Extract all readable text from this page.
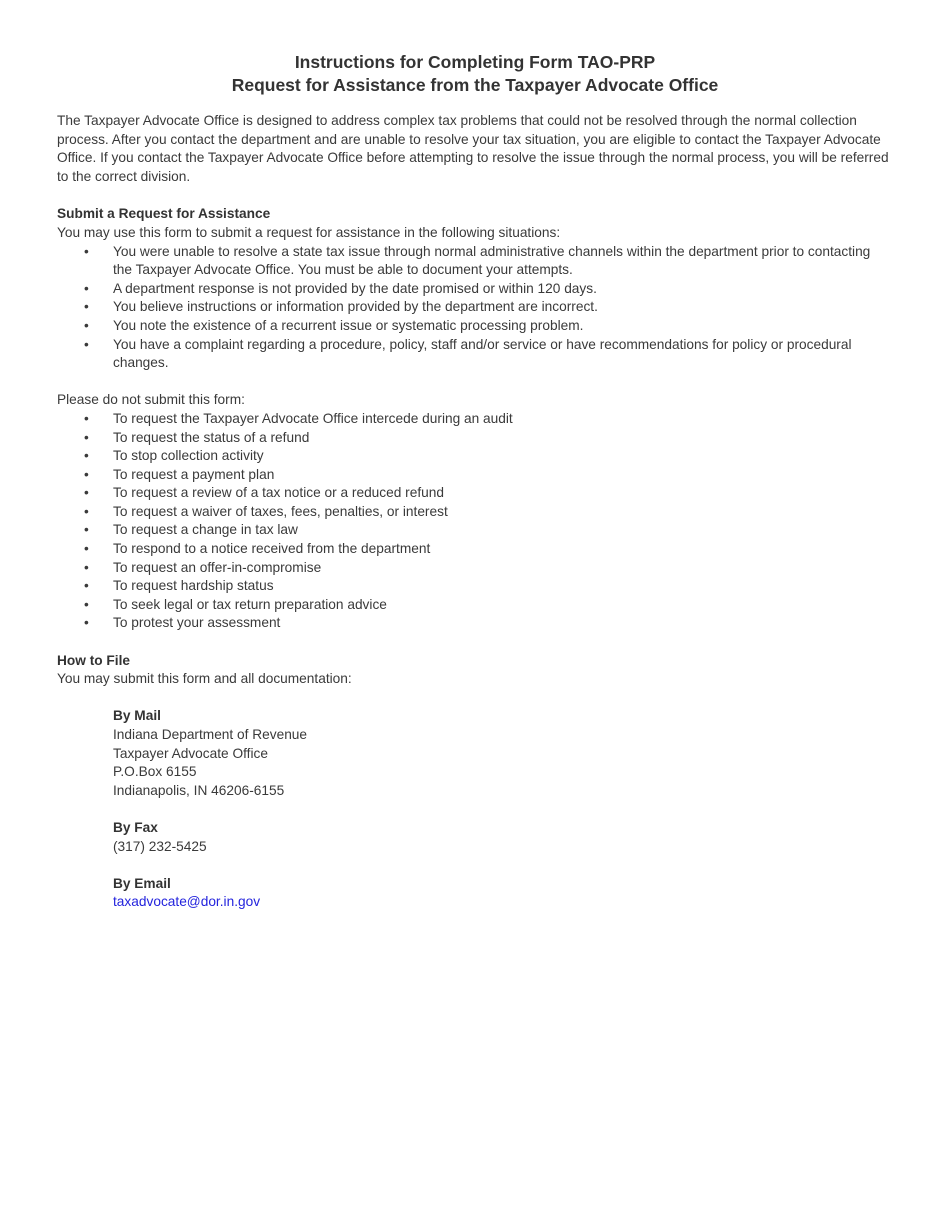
Instructions for Completing Form TAO-PRP
Request for Assistance from the Taxpayer Advocate Office

The Taxpayer Advocate Office is designed to address complex tax problems that could not be resolved through the normal collection process. After you contact the department and are unable to resolve your tax situation, you are eligible to contact the Taxpayer Advocate Office. If you contact the Taxpayer Advocate Office before attempting to resolve the issue through the normal process, you will be referred to the correct division.

Submit a Request for Assistance

You may use this form to submit a request for assistance in the following situations:

• You were unable to resolve a state tax issue through normal administrative channels within the department prior to contacting the Taxpayer Advocate Office. You must be able to document your attempts.
• A department response is not provided by the date promised or within 120 days.
• You believe instructions or information provided by the department are incorrect.
• You note the existence of a recurrent issue or systematic processing problem.
• You have a complaint regarding a procedure, policy, staff and/or service or have recommendations for policy or procedural changes.

Please do not submit this form:

• To request the Taxpayer Advocate Office intercede during an audit
• To request the status of a refund
• To stop collection activity
• To request a payment plan
• To request a review of a tax notice or a reduced refund
• To request a waiver of taxes, fees, penalties, or interest
• To request a change in tax law
• To respond to a notice received from the department
• To request an offer-in-compromise
• To request hardship status
• To seek legal or tax return preparation advice
• To protest your assessment
How to File

You may submit this form and all documentation:

By Mail
Indiana Department of Revenue
Taxpayer Advocate Office
P.O.Box 6155
Indianapolis, IN 46206-6155
By Fax
(317) 232-5425
By Email
taxadvocate@dor.in.gov
